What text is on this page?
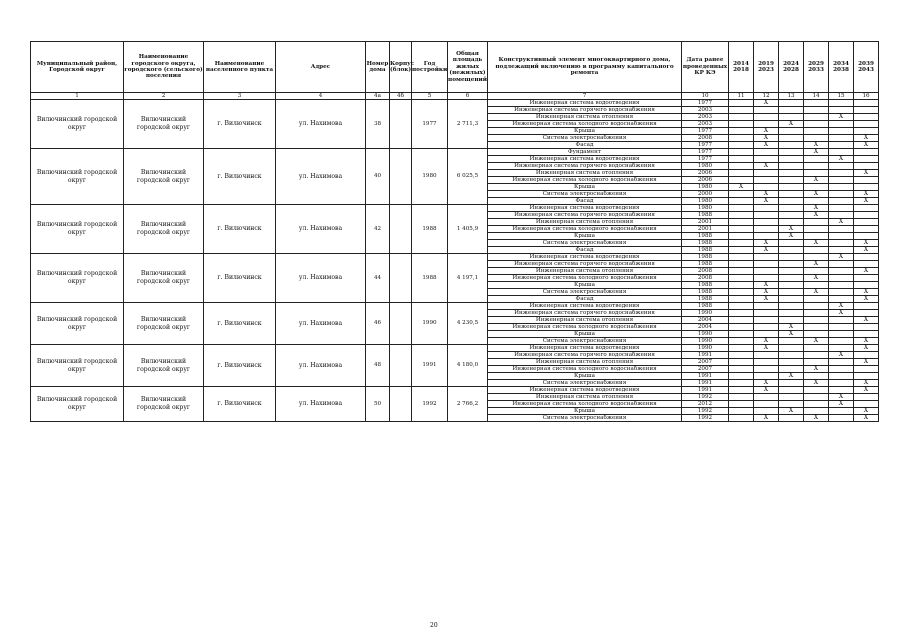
Муниципальный район, Городской округ	Наименование городского округа, городского (сельского) поселения	Наименование населенного пункта	Адрес	Номер дома	Корпус (блок)	Год постройки	Общая площадь жилых (нежилых) помещений	Конструктивный элемент многоквартирного дома, подлежащий включению в программу капитального ремонта	Дата ранее проведенных КР КЭ	2014 2018	2019 2023	2024 2028	2029 2033	2034 2038	2039 2043
1	2	3	4	4а	4б	5	6	7	10	11	12	13	14	15	16
Вилючинский городской округ	Вилючинский городской округ	г. Вилючинск	ул. Нахимова	38		1977	2 711,3	Инженерная система водоотведения	1977		X				
								Инженерная система горячего водоснабжения	2003						
								Инженерная система отопления	2003					X	
								Инженерная система холодного водоснабжения	2003			X			
								Крыша	1977		X				
								Система электроснабжения	2008		X				X
								Фасад	1977		X		X		X
Вилючинский городской округ	Вилючинский городской округ	г. Вилючинск	ул. Нахимова	40		1980	6 025,5	Фундамент	1977				X		
								Инженерная система водоотведения	1977					X	
								Инженерная система горячего водоснабжения	1980		X				
								Инженерная система отопления	2006						X
								Инженерная система холодного водоснабжения	2006				X		
								Крыша	1980	X					
								Система электроснабжения	2000		X		X		X
								Фасад	1980		X				X
Вилючинский городской округ	Вилючинский городской округ	г. Вилючинск	ул. Нахимова	42		1988	1 405,9	Инженерная система водоотведения	1980				X		
								Инженерная система горячего водоснабжения	1988				X		
								Инженерная система отопления	2001					X	
								Инженерная система холодного водоснабжения	2001			X			
								Крыша	1988			X			
								Система электроснабжения	1988		X		X		X
								Фасад	1988		X				X
Вилючинский городской округ	Вилючинский городской округ	г. Вилючинск	ул. Нахимова	44		1988	4 197,1	Инженерная система водоотведения	1988					X	
								Инженерная система горячего водоснабжения	1988				X		
								Инженерная система отопления	2008						X
								Инженерная система холодного водоснабжения	2008				X		
								Крыша	1988		X				
								Система электроснабжения	1988		X		X		X
								Фасад	1988		X				X
Вилючинский городской округ	Вилючинский городской округ	г. Вилючинск	ул. Нахимова	46		1990	4 230,5	Инженерная система водоотведения	1988					X	
								Инженерная система горячего водоснабжения	1990					X	
								Инженерная система отопления	2004						X
								Инженерная система холодного водоснабжения	2004			X			
								Крыша	1990			X			
								Система электроснабжения	1990		X		X		X
Вилючинский городской округ	Вилючинский городской округ	г. Вилючинск	ул. Нахимова	48		1991	4 180,0	Инженерная система водоотведения	1990		X				X
								Инженерная система горячего водоснабжения	1991					X	
								Инженерная система отопления	2007						X
								Инженерная система холодного водоснабжения	2007				X		
								Крыша	1991			X			
								Система электроснабжения	1991		X		X		X
Вилючинский городской округ	Вилючинский городской округ	г. Вилючинск	ул. Нахимова	50		1992	2 766,2	Инженерная система водоотведения	1991		X				X
								Инженерная система отопления	1992					X	
								Инженерная система холодного водоснабжения	2012					X	
								Крыша	1992			X			X
								Система электроснабжения	1992		X		X		X
20
